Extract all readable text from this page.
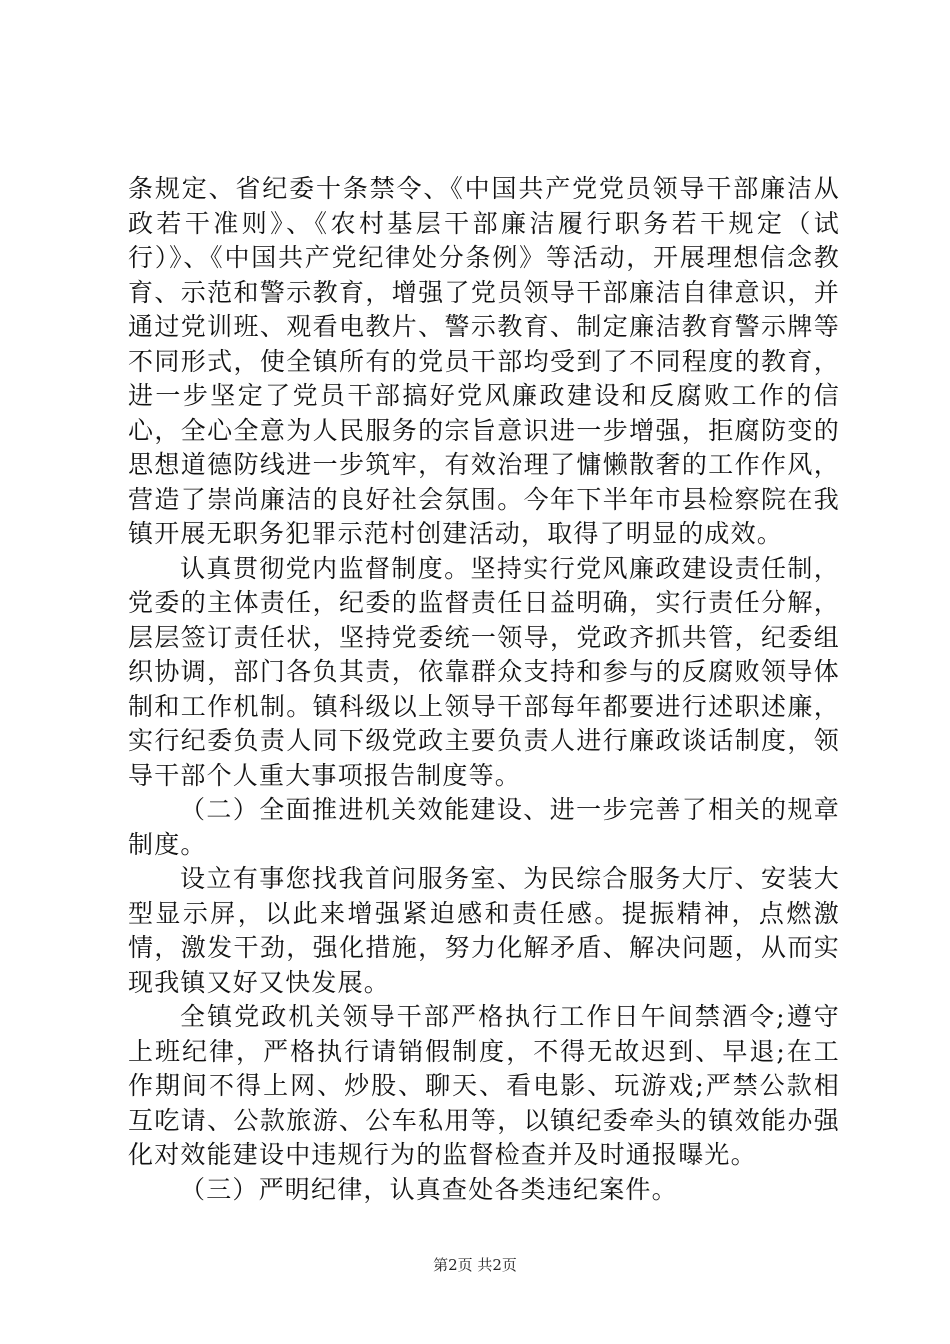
条规定、省纪委十条禁令、《中国共产党党员领导干部廉洁从政若干准则》、《农村基层干部廉洁履行职务若干规定（试行）》、《中国共产党纪律处分条例》等活动，开展理想信念教育、示范和警示教育，增强了党员领导干部廉洁自律意识，并通过党训班、观看电教片、警示教育、制定廉洁教育警示牌等不同形式，使全镇所有的党员干部均受到了不同程度的教育，进一步坚定了党员干部搞好党风廉政建设和反腐败工作的信心，全心全意为人民服务的宗旨意识进一步增强，拒腐防变的思想道德防线进一步筑牢，有效治理了慵懒散奢的工作作风，营造了崇尚廉洁的良好社会氛围。今年下半年市县检察院在我镇开展无职务犯罪示范村创建活动，取得了明显的成效。

认真贯彻党内监督制度。坚持实行党风廉政建设责任制，党委的主体责任，纪委的监督责任日益明确，实行责任分解，层层签订责任状，坚持党委统一领导，党政齐抓共管，纪委组织协调，部门各负其责，依靠群众支持和参与的反腐败领导体制和工作机制。镇科级以上领导干部每年都要进行述职述廉，实行纪委负责人同下级党政主要负责人进行廉政谈话制度，领导干部个人重大事项报告制度等。

（二）全面推进机关效能建设、进一步完善了相关的规章制度。

设立有事您找我首问服务室、为民综合服务大厅、安装大型显示屏，以此来增强紧迫感和责任感。提振精神，点燃激情，激发干劲，强化措施，努力化解矛盾、解决问题，从而实现我镇又好又快发展。

全镇党政机关领导干部严格执行工作日午间禁酒令;遵守上班纪律，严格执行请销假制度，不得无故迟到、早退;在工作期间不得上网、炒股、聊天、看电影、玩游戏;严禁公款相互吃请、公款旅游、公车私用等，以镇纪委牵头的镇效能办强化对效能建设中违规行为的监督检查并及时通报曝光。

（三）严明纪律，认真查处各类违纪案件。

第2页 共2页
